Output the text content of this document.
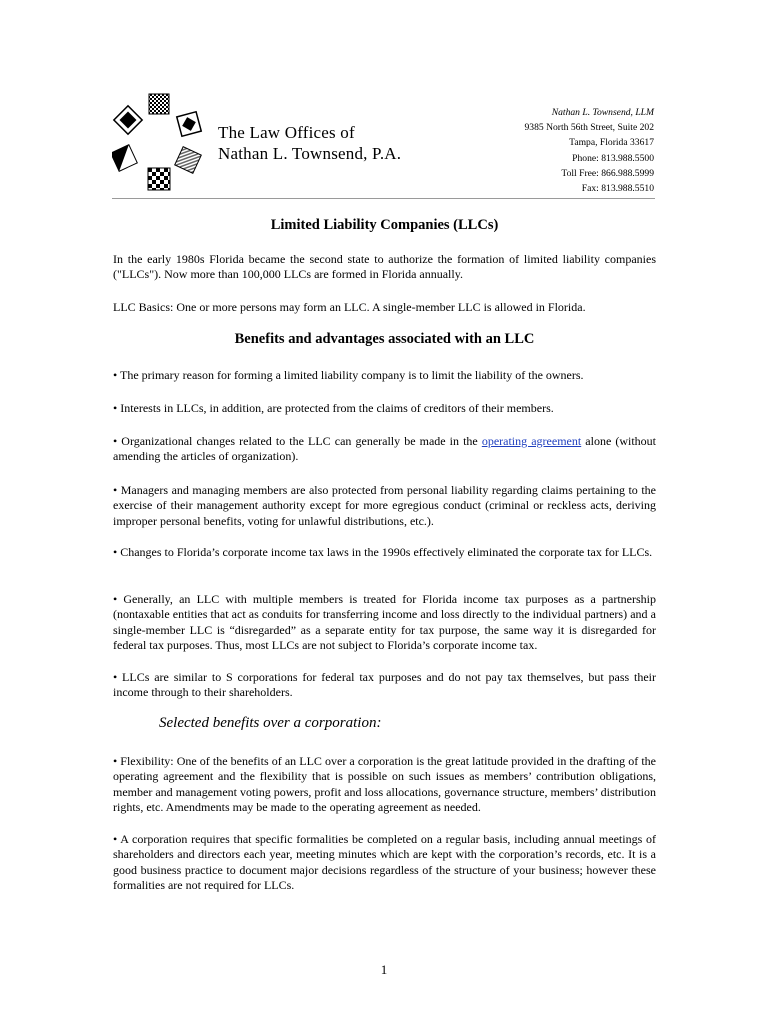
The Law Offices of
Nathan L. Townsend, P.A.
Nathan L. Townsend, LLM
9385 North 56th Street, Suite 202
Tampa, Florida 33617
Phone: 813.988.5500
Toll Free: 866.988.5999
Fax: 813.988.5510
Limited Liability Companies (LLCs)

In the early 1980s Florida became the second state to authorize the formation of limited liability companies ("LLCs"). Now more than 100,000 LLCs are formed in Florida annually.

LLC Basics: One or more persons may form an LLC. A single-member LLC is allowed in Florida.

Benefits and advantages associated with an LLC

• The primary reason for forming a limited liability company is to limit the liability of the owners.

• Interests in LLCs, in addition, are protected from the claims of creditors of their members.

• Organizational changes related to the LLC can generally be made in the operating agreement alone (without amending the articles of organization).

• Managers and managing members are also protected from personal liability regarding claims pertaining to the exercise of their management authority except for more egregious conduct (criminal or reckless acts, deriving improper personal benefits, voting for unlawful distributions, etc.).

• Changes to Florida’s corporate income tax laws in the 1990s effectively eliminated the corporate tax for LLCs.

• Generally, an LLC with multiple members is treated for Florida income tax purposes as a partnership (nontaxable entities that act as conduits for transferring income and loss directly to the individual partners) and a single-member LLC is “disregarded” as a separate entity for tax purpose, the same way it is disregarded for federal tax purposes. Thus, most LLCs are not subject to Florida’s corporate income tax.

• LLCs are similar to S corporations for federal tax purposes and do not pay tax themselves, but pass their income through to their shareholders.

Selected benefits over a corporation:

• Flexibility: One of the benefits of an LLC over a corporation is the great latitude provided in the drafting of the operating agreement and the flexibility that is possible on such issues as members’ contribution obligations, member and management voting powers, profit and loss allocations, governance structure, members’ distribution rights, etc. Amendments may be made to the operating agreement as needed.

• A corporation requires that specific formalities be completed on a regular basis, including annual meetings of shareholders and directors each year, meeting minutes which are kept with the corporation’s records, etc. It is a good business practice to document major decisions regardless of the structure of your business; however these formalities are not required for LLCs.

1
